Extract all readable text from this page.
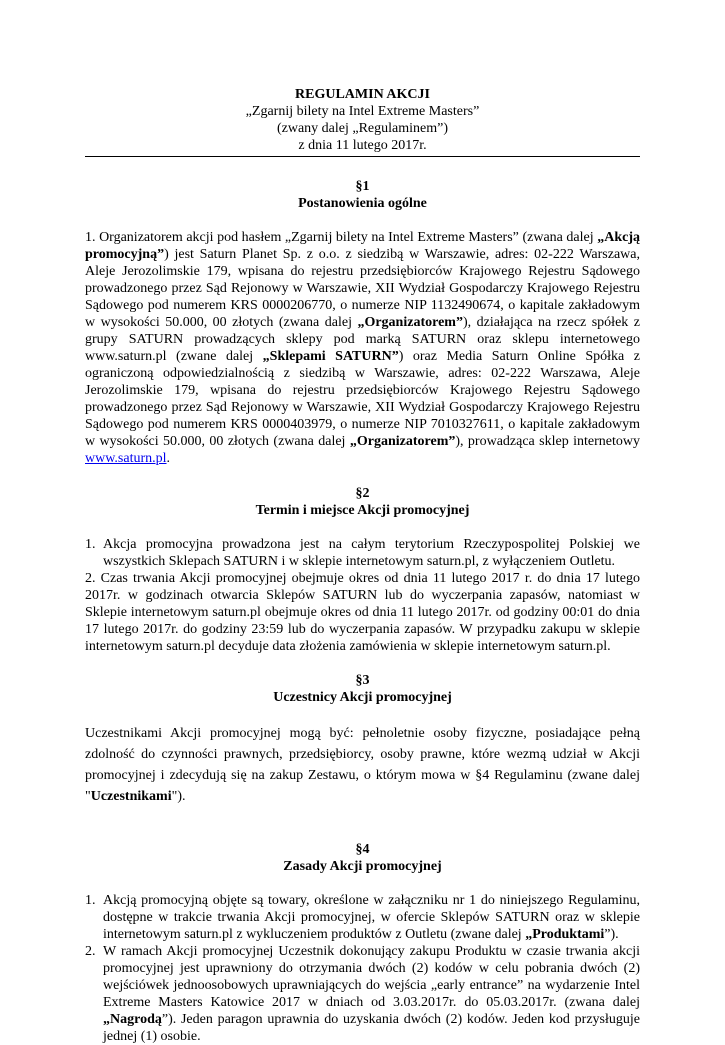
REGULAMIN AKCJI
„Zgarnij bilety na Intel Extreme Masters”
(zwany dalej „Regulaminem”)
z dnia 11 lutego 2017r.
§1
Postanowienia ogólne
1. Organizatorem akcji pod hasłem „Zgarnij bilety na Intel Extreme Masters” (zwana dalej „Akcją promocyjną”) jest Saturn Planet Sp. z o.o. z siedzibą w Warszawie, adres: 02-222 Warszawa, Aleje Jerozolimskie 179, wpisana do rejestru przedsiębiorców Krajowego Rejestru Sądowego prowadzonego przez Sąd Rejonowy w Warszawie, XII Wydział Gospodarczy Krajowego Rejestru Sądowego pod numerem KRS 0000206770, o numerze NIP 1132490674, o kapitale zakładowym w wysokości 50.000, 00 złotych (zwana dalej „Organizatorem”), działająca na rzecz spółek z grupy SATURN prowadzących sklepy pod marką SATURN oraz sklepu internetowego www.saturn.pl (zwane dalej „Sklepami SATURN”) oraz Media Saturn Online Spółka z ograniczoną odpowiedzialnością z siedzibą w Warszawie, adres: 02-222 Warszawa, Aleje Jerozolimskie 179, wpisana do rejestru przedsiębiorców Krajowego Rejestru Sądowego prowadzonego przez Sąd Rejonowy w Warszawie, XII Wydział Gospodarczy Krajowego Rejestru Sądowego pod numerem KRS 0000403979, o numerze NIP 7010327611, o kapitale zakładowym w wysokości 50.000, 00 złotych (zwana dalej „Organizatorem”), prowadząca sklep internetowy www.saturn.pl.
§2
Termin i miejsce Akcji promocyjnej
1. Akcja promocyjna prowadzona jest na całym terytorium Rzeczypospolitej Polskiej we wszystkich Sklepach SATURN i w sklepie internetowym saturn.pl, z wyłączeniem Outletu.
2. Czas trwania Akcji promocyjnej obejmuje okres od dnia 11 lutego 2017 r. do dnia 17 lutego 2017r. w godzinach otwarcia Sklepów SATURN lub do wyczerpania zapasów, natomiast w Sklepie internetowym saturn.pl obejmuje okres od dnia 11 lutego 2017r. od godziny 00:01 do dnia 17 lutego 2017r. do godziny 23:59 lub do wyczerpania zapasów. W przypadku zakupu w sklepie internetowym saturn.pl decyduje data złożenia zamówienia w sklepie internetowym saturn.pl.
§3
Uczestnicy Akcji promocyjnej
Uczestnikami Akcji promocyjnej mogą być: pełnoletnie osoby fizyczne, posiadające pełną zdolność do czynności prawnych, przedsiębiorcy, osoby prawne, które wezmą udział w Akcji promocyjnej i zdecydują się na zakup Zestawu, o którym mowa w §4 Regulaminu (zwane dalej "Uczestnikami").
§4
Zasady Akcji promocyjnej
1. Akcją promocyjną objęte są towary, określone w załączniku nr 1 do niniejszego Regulaminu, dostępne w trakcie trwania Akcji promocyjnej, w ofercie Sklepów SATURN oraz w sklepie internetowym saturn.pl z wykluczeniem produktów z Outletu (zwane dalej „Produktami”).
2. W ramach Akcji promocyjnej Uczestnik dokonujący zakupu Produktu w czasie trwania akcji promocyjnej jest uprawniony do otrzymania dwóch (2) kodów w celu pobrania dwóch (2) wejściówek jednoosobowych uprawniających do wejścia „early entrance” na wydarzenie Intel Extreme Masters Katowice 2017 w dniach od 3.03.2017r. do 05.03.2017r. (zwana dalej „Nagrodą”). Jeden paragon uprawnia do uzyskania dwóch (2) kodów. Jeden kod przysługuje jednej (1) osobie.
